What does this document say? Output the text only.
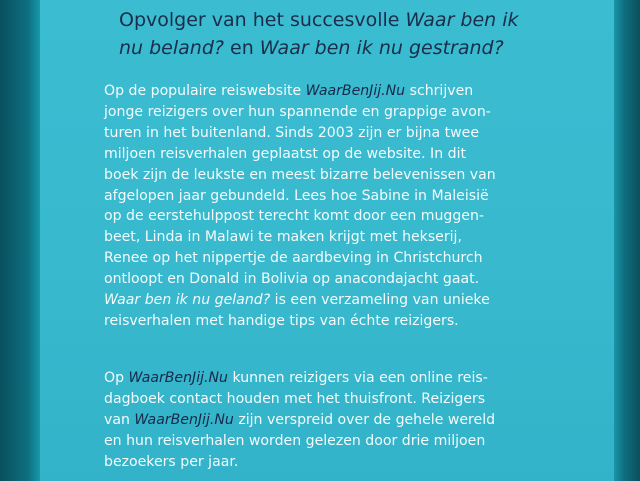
Opvolger van het succesvolle Waar ben ik
nu beland? en Waar ben ik nu gestrand?

Op de populaire reiswebsite WaarBenJij.Nu schrijven
jonge reizigers over hun spannende en grappige avon-
turen in het buitenland. Sinds 2003 zijn er bijna twee
miljoen reisverhalen geplaatst op de website. In dit
boek zijn de leukste en meest bizarre belevenissen van
afgelopen jaar gebundeld. Lees hoe Sabine in Maleisië
op de eerstehulppost terecht komt door een muggen-
beet, Linda in Malawi te maken krijgt met hekserij,
Renee op het nippertje de aardbeving in Christchurch
ontloopt en Donald in Bolivia op anacondajacht gaat.
Waar ben ik nu geland? is een verzameling van unieke
reisverhalen met handige tips van échte reizigers.

Op WaarBenJij.Nu kunnen reizigers via een online reis-
dagboek contact houden met het thuisfront. Reizigers
van WaarBenJij.Nu zijn verspreid over de gehele wereld
en hun reisverhalen worden gelezen door drie miljoen
bezoekers per jaar.
